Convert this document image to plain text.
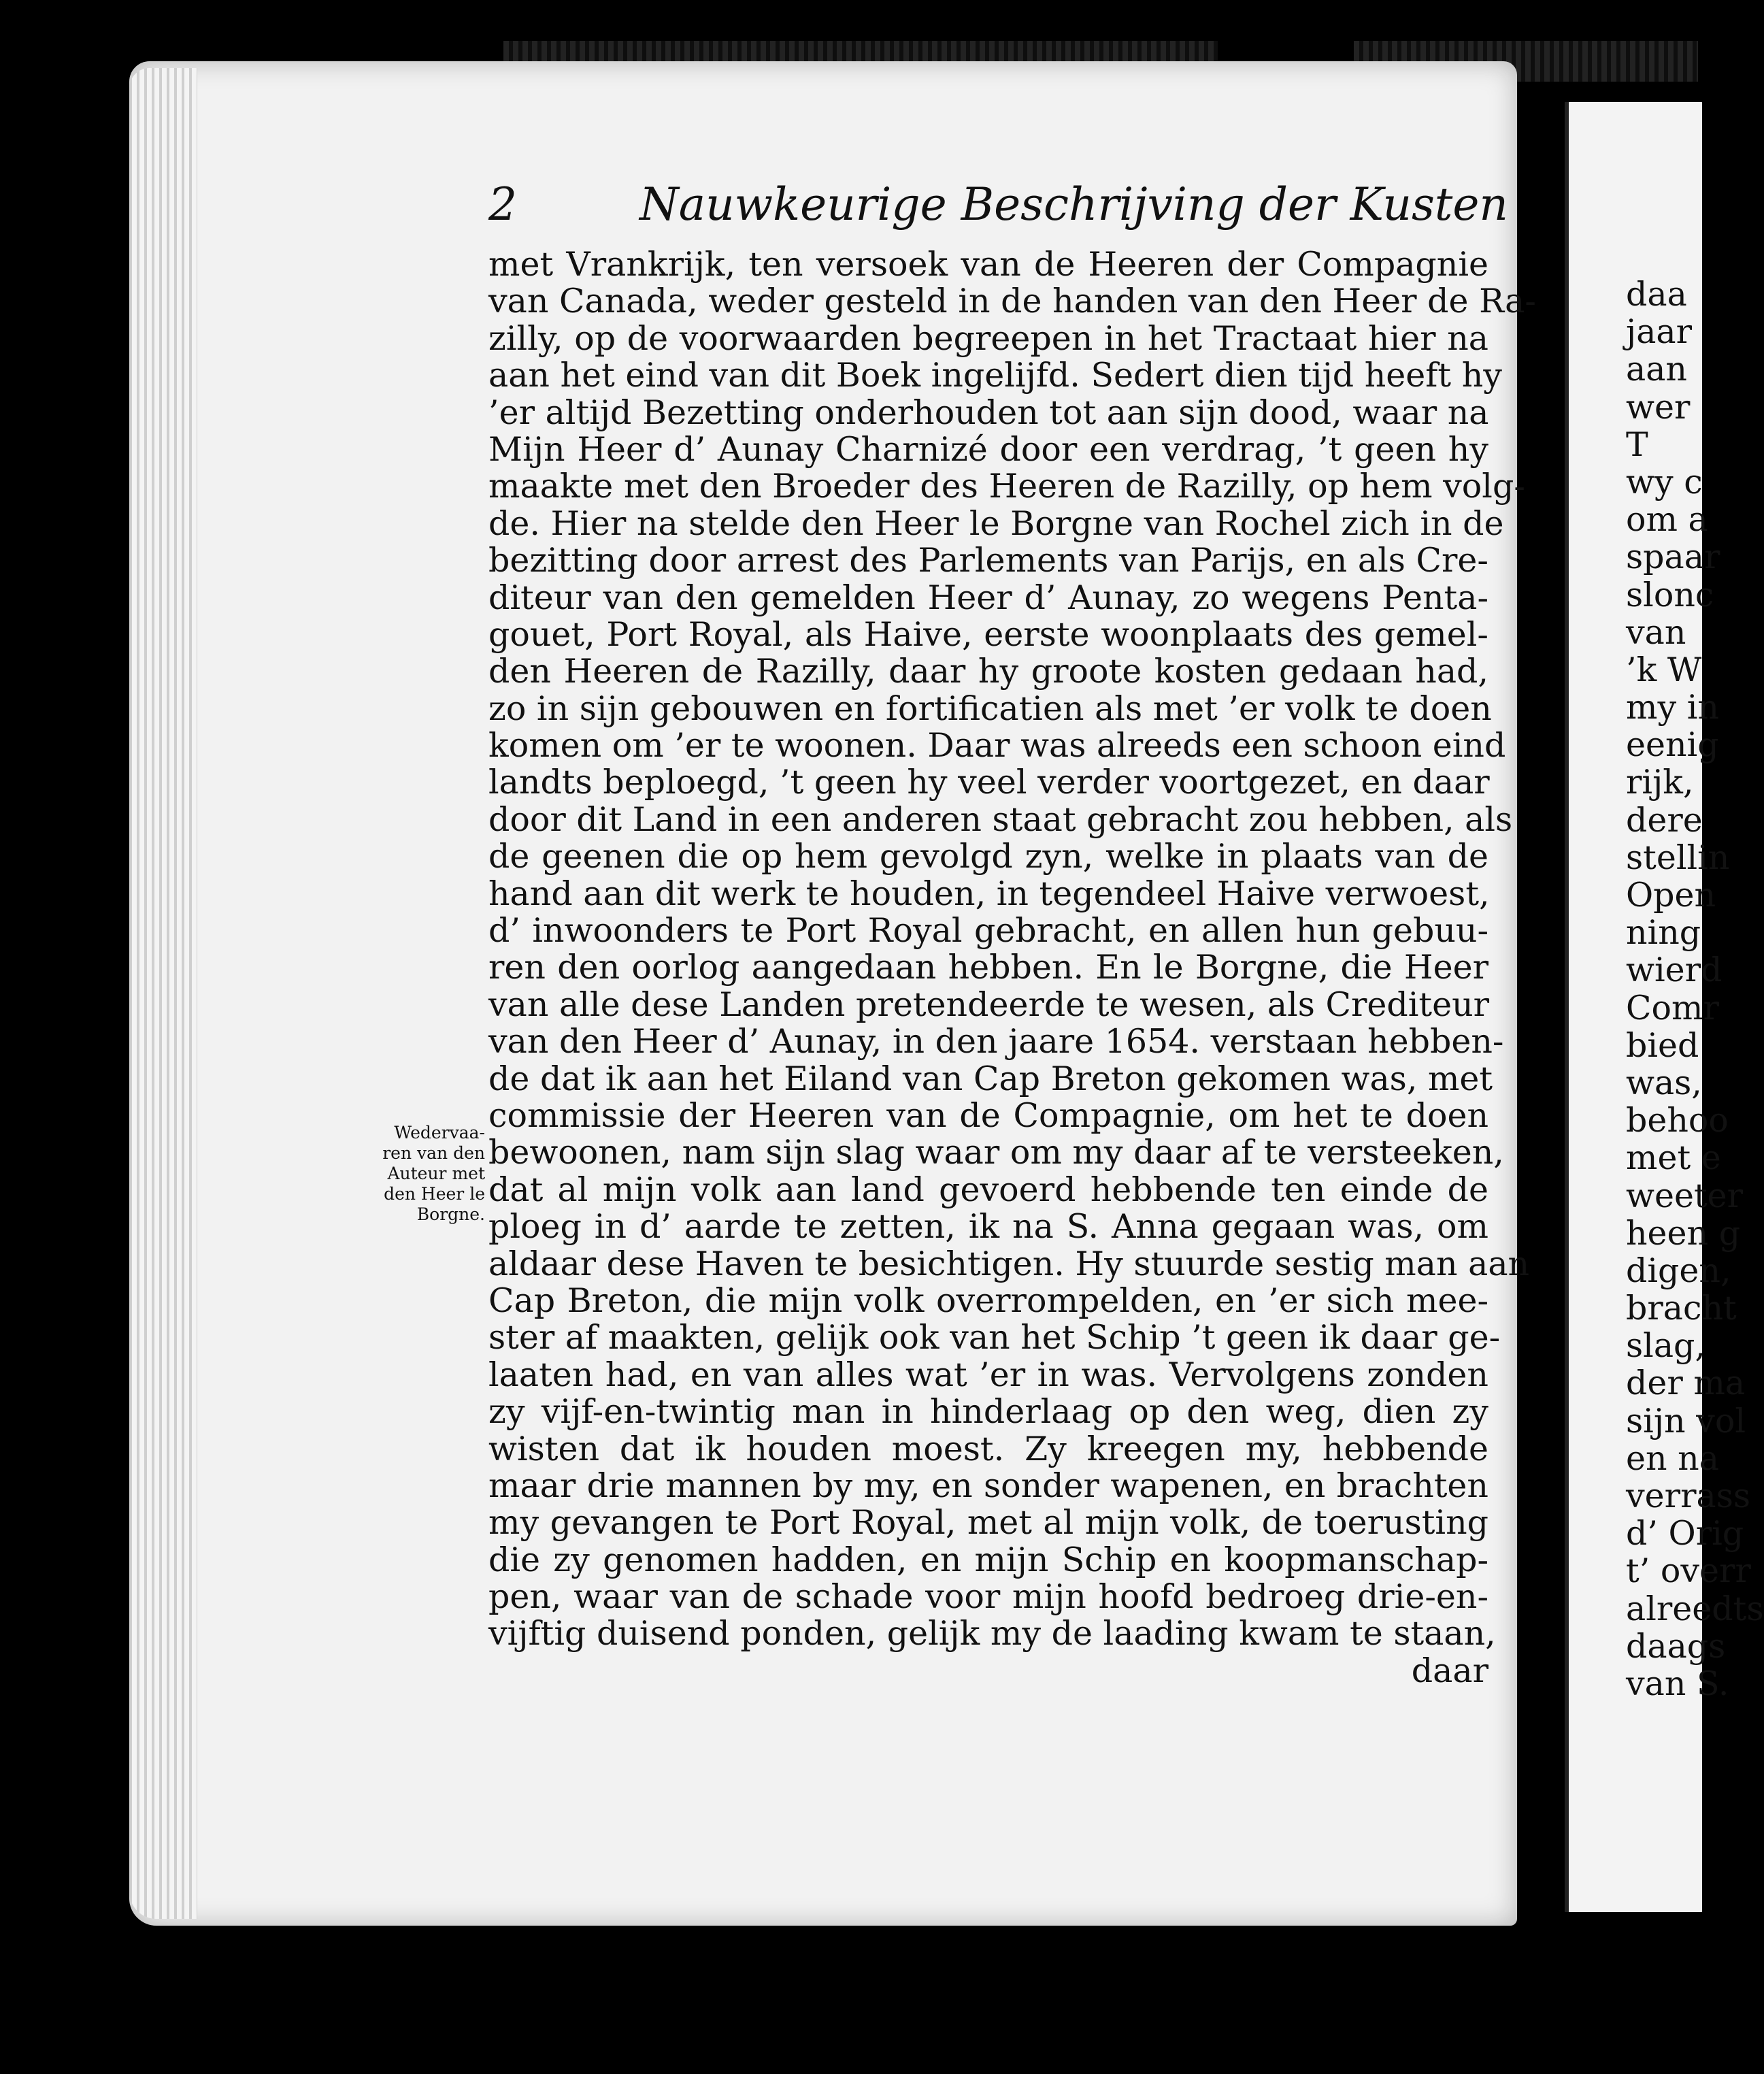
2	Nauwkeurige Beschrijving der Kusten
met Vrankrijk, ten versoek van de Heeren der Compagnie
van Canada, weder gesteld in de handen van den Heer de Ra-
zilly, op de voorwaarden begreepen in het Tractaat hier na
aan het eind van dit Boek ingelijfd. Sedert dien tijd heeft hy
’er altijd Bezetting onderhouden tot aan sijn dood, waar na
Mijn Heer d’ Aunay Charnizé door een verdrag, ’t geen hy
maakte met den Broeder des Heeren de Razilly, op hem volg-
de. Hier na stelde den Heer le Borgne van Rochel zich in de
bezitting door arrest des Parlements van Parijs, en als Cre-
diteur van den gemelden Heer d’ Aunay, zo wegens Penta-
gouet, Port Royal, als Haive, eerste woonplaats des gemel-
den Heeren de Razilly, daar hy groote kosten gedaan had,
zo in sijn gebouwen en fortificatien als met ’er volk te doen
komen om ’er te woonen. Daar was alreeds een schoon eind
landts beploegd, ’t geen hy veel verder voortgezet, en daar
door dit Land in een anderen staat gebracht zou hebben, als
de geenen die op hem gevolgd zyn, welke in plaats van de
hand aan dit werk te houden, in tegendeel Haive verwoest,
d’ inwoonders te Port Royal gebracht, en allen hun gebuu-
ren den oorlog aangedaan hebben. En le Borgne, die Heer
van alle dese Landen pretendeerde te wesen, als Crediteur
van den Heer d’ Aunay, in den jaare 1654. verstaan hebben-
de dat ik aan het Eiland van Cap Breton gekomen was, met
commissie der Heeren van de Compagnie, om het te doen
bewoonen, nam sijn slag waar om my daar af te versteeken,
dat al mijn volk aan land gevoerd hebbende ten einde de
ploeg in d’ aarde te zetten, ik na S. Anna gegaan was, om
aldaar dese Haven te besichtigen. Hy stuurde sestig man aan
Cap Breton, die mijn volk overrompelden, en ’er sich mee-
ster af maakten, gelijk ook van het Schip ’t geen ik daar ge-
laaten had, en van alles wat ’er in was. Vervolgens zonden
zy vijf-en-twintig man in hinderlaag op den weg, dien zy
wisten dat ik houden moest. Zy kreegen my, hebbende
maar drie mannen by my, en sonder wapenen, en brachten
my gevangen te Port Royal, met al mijn volk, de toerusting
die zy genomen hadden, en mijn Schip en koopmanschap-
pen, waar van de schade voor mijn hoofd bedroeg drie-en-
vijftig duisend ponden, gelijk my de laading kwam te staan,
daar
Wedervaa-
ren van den
Auteur met
den Heer le
Borgne.
daa
jaar
aan
wer
T
wy c
om a
spaar
slonc
van
’k W
my in
eenig
rijk,
dere
stellin
Open
ning
wierd
Comr
bied
was,
behoo
met e
weeter
heen g
digen,
bracht
slag,
der ma
sijn vol
en na
verrass
d’ Orig
t’ overr
alreedts
daags
van S.
